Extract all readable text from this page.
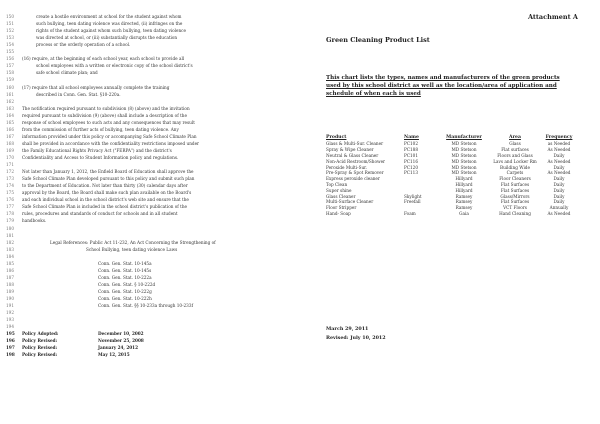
150	create a hostile environment at school for the student against whom
151	such bullying, teen dating violence was directed, (ii) infringes on the
152	rights of the student against whom such bullying, teen dating violence
153	was directed at school, or (iii) substantially disrupts the education
154	process or the orderly operation of a school.
155
156	(16) require, at the beginning of each school year, each school to provide all
157	school employees with a written or electronic copy of the school district's
158	safe school climate plan; and
159
160	(17) require that all school employees annually complete the training
161	described in Conn. Gen. Stat. §10-220a.
162
163	The notification required pursuant to subdivision (8) (above) and the invitation
164	required pursuant to subdivision (9) (above) shall include a description of the
165	response of school employees to such acts and any consequences that may result
166	from the commission of further acts of bullying, teen dating violence. Any
167	information provided under this policy or accompanying Safe School Climate Plan
168	shall be provided in accordance with the confidentiality restrictions imposed under
169	the Family Educational Rights Privacy Act ("FERPA") and the district's
170	Confidentiality and Access to Student Information policy and regulations.
171
172	Not later than January 1, 2012, the Enfield Board of Education shall approve the
173	Safe School Climate Plan developed pursuant to this policy and submit such plan
174	to the Department of Education. Not later than thirty (30) calendar days after
175	approval by the Board, the Board shall make such plan available on the Board's
176	and each individual school in the school district's web site and ensure that the
177	Safe School Climate Plan is included in the school district's publication of the
178	rules, procedures and standards of conduct for schools and in all student
179	handbooks.
180
181
182	Legal References: Public Act 11-232, An Act Concerning the Strengthening of
183	School Bullying, teen dating violence Laws
184
185	Conn. Gen. Stat. 10-145a
186	Conn. Gen. Stat. 10-145s
187	Conn. Gen. Stat. 10-222a
188	Conn. Gen. Stat. § 10-222d
189	Conn. Gen. Stat. 10-222g
190	Conn. Gen. Stat. 10-222h
191	Conn. Gen. Stat. §§ 10-233a through 10-233f
192
193
194
195	Policy Adopted:	December 10, 2002
196	Policy Revised:	November 25, 2008
197	Policy Revised:	January 24, 2012
198	Policy Revised:	May 12, 2015
Attachment A
Green Cleaning Product List
This chart lists the types, names and manufacturers of the green products used by this school district as well as the location/area of application and schedule of when each is used
Product	Name	Manufacturer	Area	Frequency
Glass & Multi-Sur. Cleaner	PC102	MD Stetson	Glass	as Needed
Spray & Wipe Cleaner	PC188	MD Stetson	Flat surfaces	As Needed
Neutral & Glass Cleaner	PC101	MD Stetson	Floors and Glass	Daily
Non-Acid Restroom/Shower	PC116	MD Stetson	Lavs and Locker Rm	As Needed
Peroxide Multi-Sur.	PC120	MD Stetson	Building Wide	Daily
Pre-Spray & Spot Remover	PC113	MD Stetson	Carpets	As Needed
Express peroxide cleaner		Hillyard	Floor Cleaners	Daily
Top Clean		Hillyard	Flat Surfaces	Daily
Super shine		Hillyard	Flat Surfaces	Daily
Glass Cleaner	Skylight	Ramsey	Glass/Mirrors	Daily
Multi-Surface Cleaner	Freefall	Ramsey	Flat Surfaces	Daily
Floor Stripper		Ramsey	VCT Floors	Annually
Hand- Soap	Foam	Gaia	Hand Cleaning	As Needed
March 29, 2011
Revised: July 10, 2012
